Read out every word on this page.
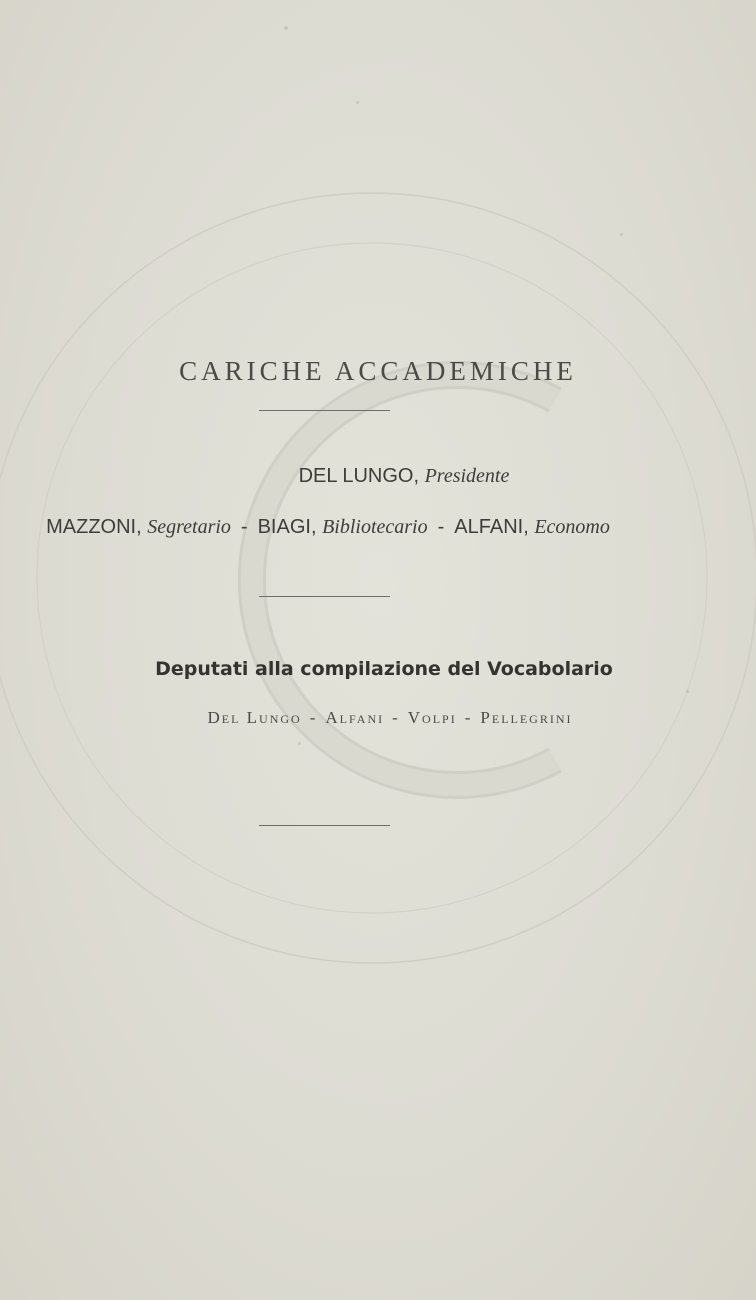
CARICHE ACCADEMICHE

DEL LUNGO, Presidente

MAZZONI, Segretario - BIAGI, Bibliotecario - ALFANI, Economo

Deputati alla compilazione del Vocabolario

Del Lungo - Alfani - Volpi - Pellegrini
